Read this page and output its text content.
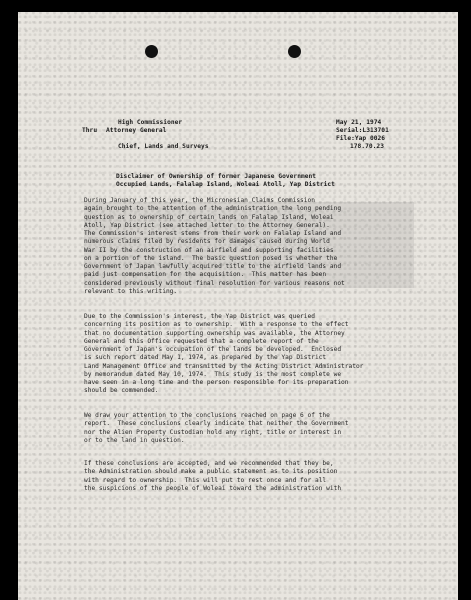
High Commissioner
Thru Attorney General
Chief, Lands and Surveys
May 21, 1974
Serial:L313701
File:Yap 0026
178.70.23
Disclaimer of Ownership of former Japanese Government
Occupied Lands, Falalap Island, Woleai Atoll, Yap District
During January of this year, the Micronesian Claims Commission
again brought to the attention of the administration the long pending
question as to ownership of certain lands on Falalap Island, Woleai
Atoll, Yap District (see attached letter to the Attorney General).
The Commission's interest stems from their work on Falalap Island and
numerous claims filed by residents for damages caused during World
War II by the construction of an airfield and supporting facilities
on a portion of the island.  The basic question posed is whether the
Government of Japan lawfully acquired title to the airfield lands and
paid just compensation for the acquisition.  This matter has been
considered previously without final resolution for various reasons not
relevant to this writing.
Due to the Commission's interest, the Yap District was queried
concerning its position as to ownership.  With a response to the effect
that no documentation supporting ownership was available, the Attorney
General and this Office requested that a complete report of the
Government of Japan's occupation of the lands be developed.  Enclosed
is such report dated May 1, 1974, as prepared by the Yap District
Land Management Office and transmitted by the Acting District Administrator
by memorandum dated May 10, 1974.  This study is the most complete we
have seen in a long time and the person responsible for its preparation
should be commended.
We draw your attention to the conclusions reached on page 6 of the
report.  These conclusions clearly indicate that neither the Government
nor the Alien Property Custodian hold any right, title or interest in
or to the land in question.
If these conclusions are accepted, and we recommended that they be,
the Administration should make a public statement as to its position
with regard to ownership.  This will put to rest once and for all
the suspicions of the people of Woleai toward the administration with
